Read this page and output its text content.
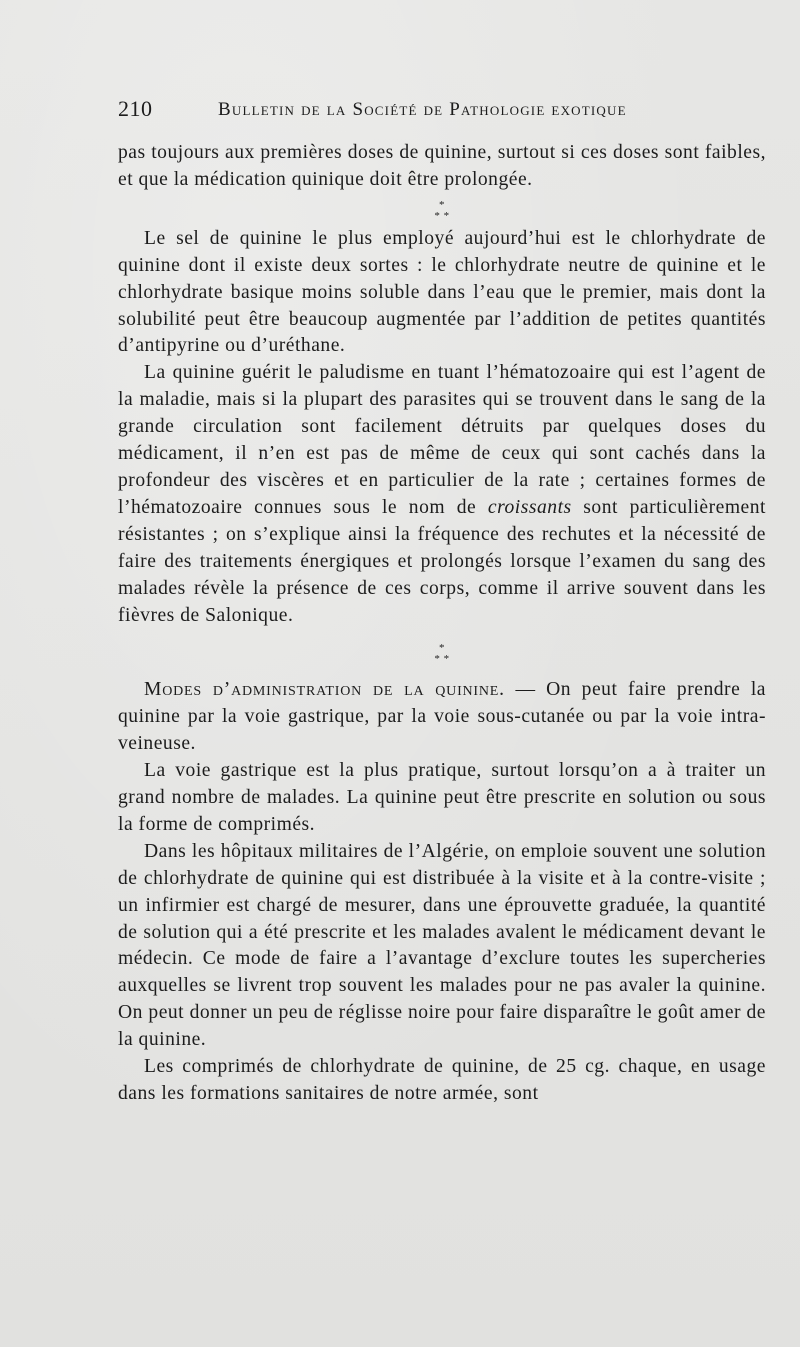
210	Bulletin de la Société de Pathologie exotique

pas toujours aux premières doses de quinine, surtout si ces doses sont faibles, et que la médication quinique doit être prolongée.

*
* *

Le sel de quinine le plus employé aujourd’hui est le chlorhydrate de quinine dont il existe deux sortes : le chlorhydrate neutre de quinine et le chlorhydrate basique moins soluble dans l’eau que le premier, mais dont la solubilité peut être beaucoup augmentée par l’addition de petites quantités d’antipyrine ou d’uréthane.

La quinine guérit le paludisme en tuant l’hématozoaire qui est l’agent de la maladie, mais si la plupart des parasites qui se trouvent dans le sang de la grande circulation sont facilement détruits par quelques doses du médicament, il n’en est pas de même de ceux qui sont cachés dans la profondeur des viscères et en particulier de la rate ; certaines formes de l’hématozoaire connues sous le nom de croissants sont particulièrement résistantes ; on s’explique ainsi la fréquence des rechutes et la nécessité de faire des traitements énergiques et prolongés lorsque l’examen du sang des malades révèle la présence de ces corps, comme il arrive souvent dans les fièvres de Salonique.

*
* *

Modes d’administration de la quinine. — On peut faire prendre la quinine par la voie gastrique, par la voie sous-cutanée ou par la voie intra-veineuse.

La voie gastrique est la plus pratique, surtout lorsqu’on a à traiter un grand nombre de malades. La quinine peut être prescrite en solution ou sous la forme de comprimés.

Dans les hôpitaux militaires de l’Algérie, on emploie souvent une solution de chlorhydrate de quinine qui est distribuée à la visite et à la contre-visite ; un infirmier est chargé de mesurer, dans une éprouvette graduée, la quantité de solution qui a été prescrite et les malades avalent le médicament devant le médecin. Ce mode de faire a l’avantage d’exclure toutes les supercheries auxquelles se livrent trop souvent les malades pour ne pas avaler la quinine. On peut donner un peu de réglisse noire pour faire disparaître le goût amer de la quinine.

Les comprimés de chlorhydrate de quinine, de 25 cg. chaque, en usage dans les formations sanitaires de notre armée, sont
